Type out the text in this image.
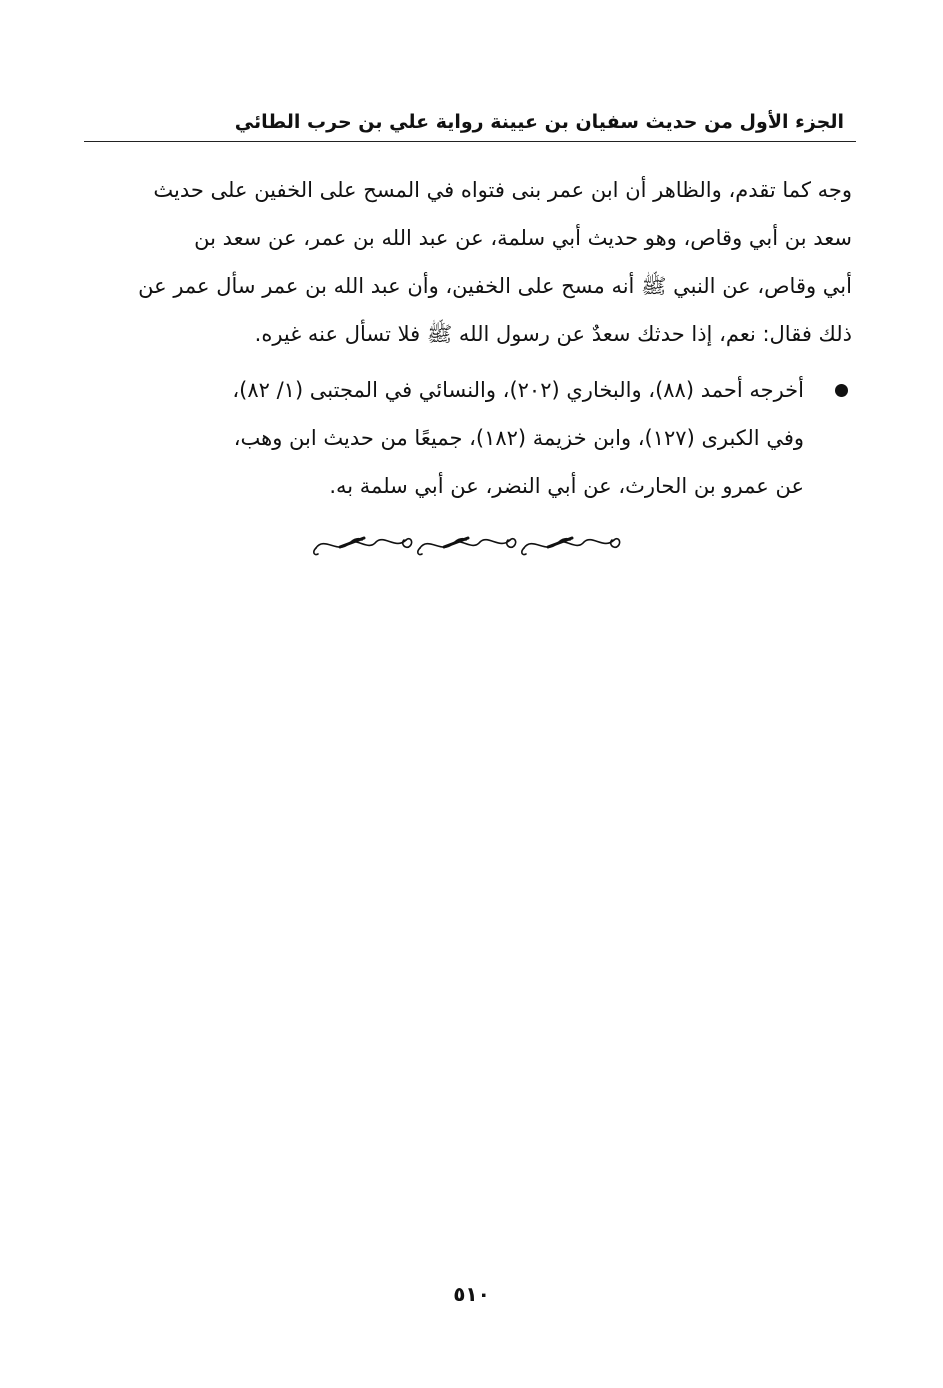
الجزء الأول من حديث سفيان بن عيينة رواية علي بن حرب الطائي
وجه كما تقدم، والظاهر أن ابن عمر بنى فتواه في المسح على الخفين على حديث
سعد بن أبي وقاص، وهو حديث أبي سلمة، عن عبد الله بن عمر، عن سعد بن
أبي وقاص، عن النبي ﷺ أنه مسح على الخفين، وأن عبد الله بن عمر سأل عمر عن
ذلك فقال: نعم، إذا حدثك سعدٌ عن رسول الله ﷺ فلا تسأل عنه غيره.
أخرجه أحمد (٨٨)، والبخاري (٢٠٢)، والنسائي في المجتبى (١/ ٨٢)،
وفي الكبرى (١٢٧)، وابن خزيمة (١٨٢)، جميعًا من حديث ابن وهب،
عن عمرو بن الحارث، عن أبي النضر، عن أبي سلمة به.
٥١٠
